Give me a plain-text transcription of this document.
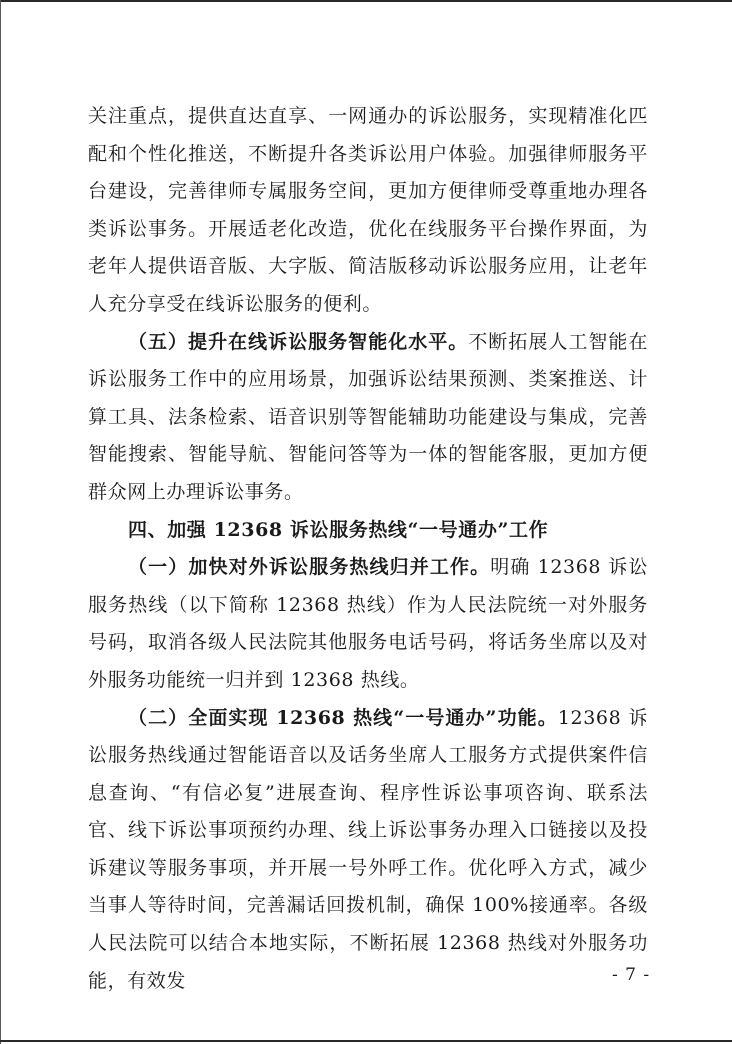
关注重点，提供直达直享、一网通办的诉讼服务，实现精准化匹配和个性化推送，不断提升各类诉讼用户体验。加强律师服务平台建设，完善律师专属服务空间，更加方便律师受尊重地办理各类诉讼事务。开展适老化改造，优化在线服务平台操作界面，为老年人提供语音版、大字版、简洁版移动诉讼服务应用，让老年人充分享受在线诉讼服务的便利。

（五）提升在线诉讼服务智能化水平。不断拓展人工智能在诉讼服务工作中的应用场景，加强诉讼结果预测、类案推送、计算工具、法条检索、语音识别等智能辅助功能建设与集成，完善智能搜索、智能导航、智能问答等为一体的智能客服，更加方便群众网上办理诉讼事务。

四、加强 12368 诉讼服务热线“一号通办”工作

（一）加快对外诉讼服务热线归并工作。明确 12368 诉讼服务热线（以下简称 12368 热线）作为人民法院统一对外服务号码，取消各级人民法院其他服务电话号码，将话务坐席以及对外服务功能统一归并到 12368 热线。

（二）全面实现 12368 热线“一号通办”功能。12368 诉讼服务热线通过智能语音以及话务坐席人工服务方式提供案件信息查询、“有信必复”进展查询、程序性诉讼事项咨询、联系法官、线下诉讼事项预约办理、线上诉讼事务办理入口链接以及投诉建议等服务事项，并开展一号外呼工作。优化呼入方式，减少当事人等待时间，完善漏话回拨机制，确保 100%接通率。各级人民法院可以结合本地实际，不断拓展 12368 热线对外服务功能，有效发	- 7 -
